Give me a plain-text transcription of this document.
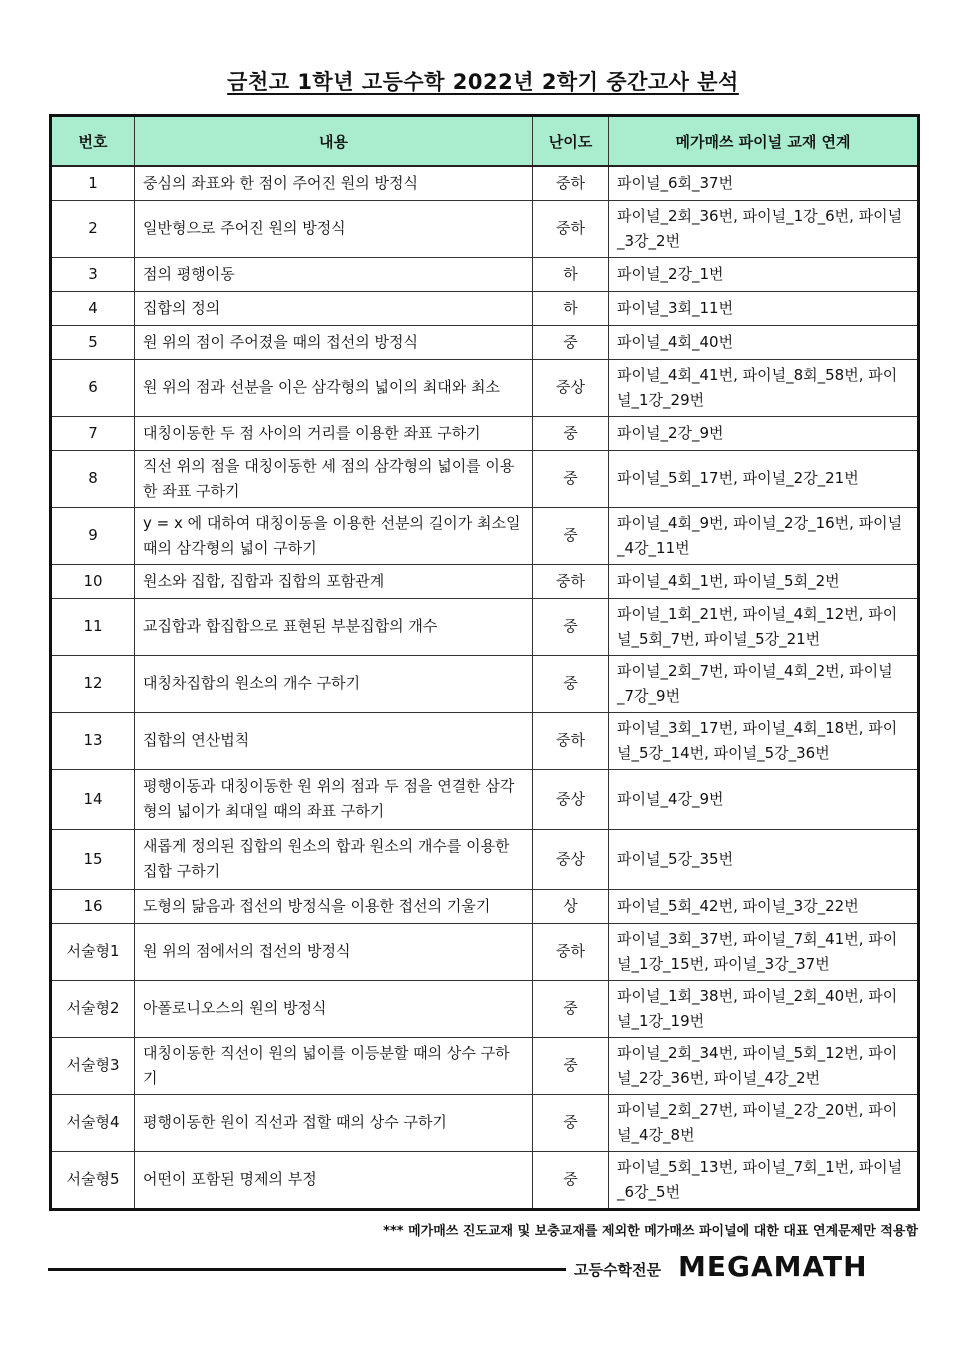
금천고 1학년 고등수학 2022년 2학기 중간고사 분석
번호	내용	난이도	메가매쓰 파이널 교재 연계
1	중심의 좌표와 한 점이 주어진 원의 방정식	중하	파이널_6회_37번
2	일반형으로 주어진 원의 방정식	중하	파이널_2회_36번, 파이널_1강_6번, 파이널_3강_2번
3	점의 평행이동	하	파이널_2강_1번
4	집합의 정의	하	파이널_3회_11번
5	원 위의 점이 주어졌을 때의 접선의 방정식	중	파이널_4회_40번
6	원 위의 점과 선분을 이은 삼각형의 넓이의 최대와 최소	중상	파이널_4회_41번, 파이널_8회_58번, 파이널_1강_29번
7	대칭이동한 두 점 사이의 거리를 이용한 좌표 구하기	중	파이널_2강_9번
8	직선 위의 점을 대칭이동한 세 점의 삼각형의 넓이를 이용한 좌표 구하기	중	파이널_5회_17번, 파이널_2강_21번
9	y = x 에 대하여 대칭이동을 이용한 선분의 길이가 최소일 때의 삼각형의 넓이 구하기	중	파이널_4회_9번, 파이널_2강_16번, 파이널_4강_11번
10	원소와 집합, 집합과 집합의 포함관계	중하	파이널_4회_1번, 파이널_5회_2번
11	교집합과 합집합으로 표현된 부분집합의 개수	중	파이널_1회_21번, 파이널_4회_12번, 파이널_5회_7번, 파이널_5강_21번
12	대칭차집합의 원소의 개수 구하기	중	파이널_2회_7번, 파이널_4회_2번, 파이널_7강_9번
13	집합의 연산법칙	중하	파이널_3회_17번, 파이널_4회_18번, 파이널_5강_14번, 파이널_5강_36번
14	평행이동과 대칭이동한 원 위의 점과 두 점을 연결한 삼각형의 넓이가 최대일 때의 좌표 구하기	중상	파이널_4강_9번
15	새롭게 정의된 집합의 원소의 합과 원소의 개수를 이용한 집합 구하기	중상	파이널_5강_35번
16	도형의 닮음과 접선의 방정식을 이용한 접선의 기울기	상	파이널_5회_42번, 파이널_3강_22번
서술형1	원 위의 점에서의 접선의 방정식	중하	파이널_3회_37번, 파이널_7회_41번, 파이널_1강_15번, 파이널_3강_37번
서술형2	아폴로니오스의 원의 방정식	중	파이널_1회_38번, 파이널_2회_40번, 파이널_1강_19번
서술형3	대칭이동한 직선이 원의 넓이를 이등분할 때의 상수 구하기	중	파이널_2회_34번, 파이널_5회_12번, 파이널_2강_36번, 파이널_4강_2번
서술형4	평행이동한 원이 직선과 접할 때의 상수 구하기	중	파이널_2회_27번, 파이널_2강_20번, 파이널_4강_8번
서술형5	어떤이 포함된 명제의 부정	중	파이널_5회_13번, 파이널_7회_1번, 파이널_6강_5번
*** 메가매쓰 진도교재 및 보충교재를 제외한 메가매쓰 파이널에 대한 대표 연계문제만 적용함
고등수학전문 MEGAMATH
